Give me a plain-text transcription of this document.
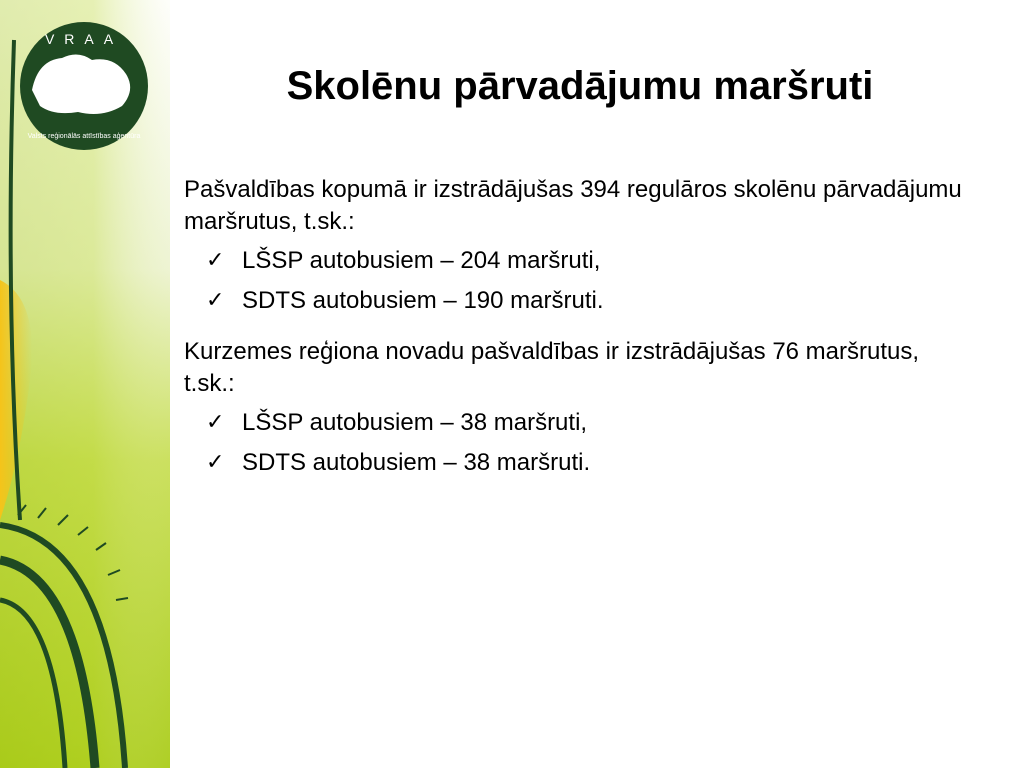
VRAA
Valsts reģionālās attīstības aģentūra
Skolēnu pārvadājumu maršruti

Pašvaldības kopumā ir izstrādājušas 394 regulāros skolēnu pārvadājumu maršrutus, t.sk.:

✓ LŠSP autobusiem – 204 maršruti,
✓ SDTS autobusiem – 190 maršruti.

Kurzemes reģiona novadu pašvaldības ir izstrādājušas 76 maršrutus, t.sk.:

✓ LŠSP autobusiem – 38 maršruti,
✓ SDTS autobusiem – 38 maršruti.
